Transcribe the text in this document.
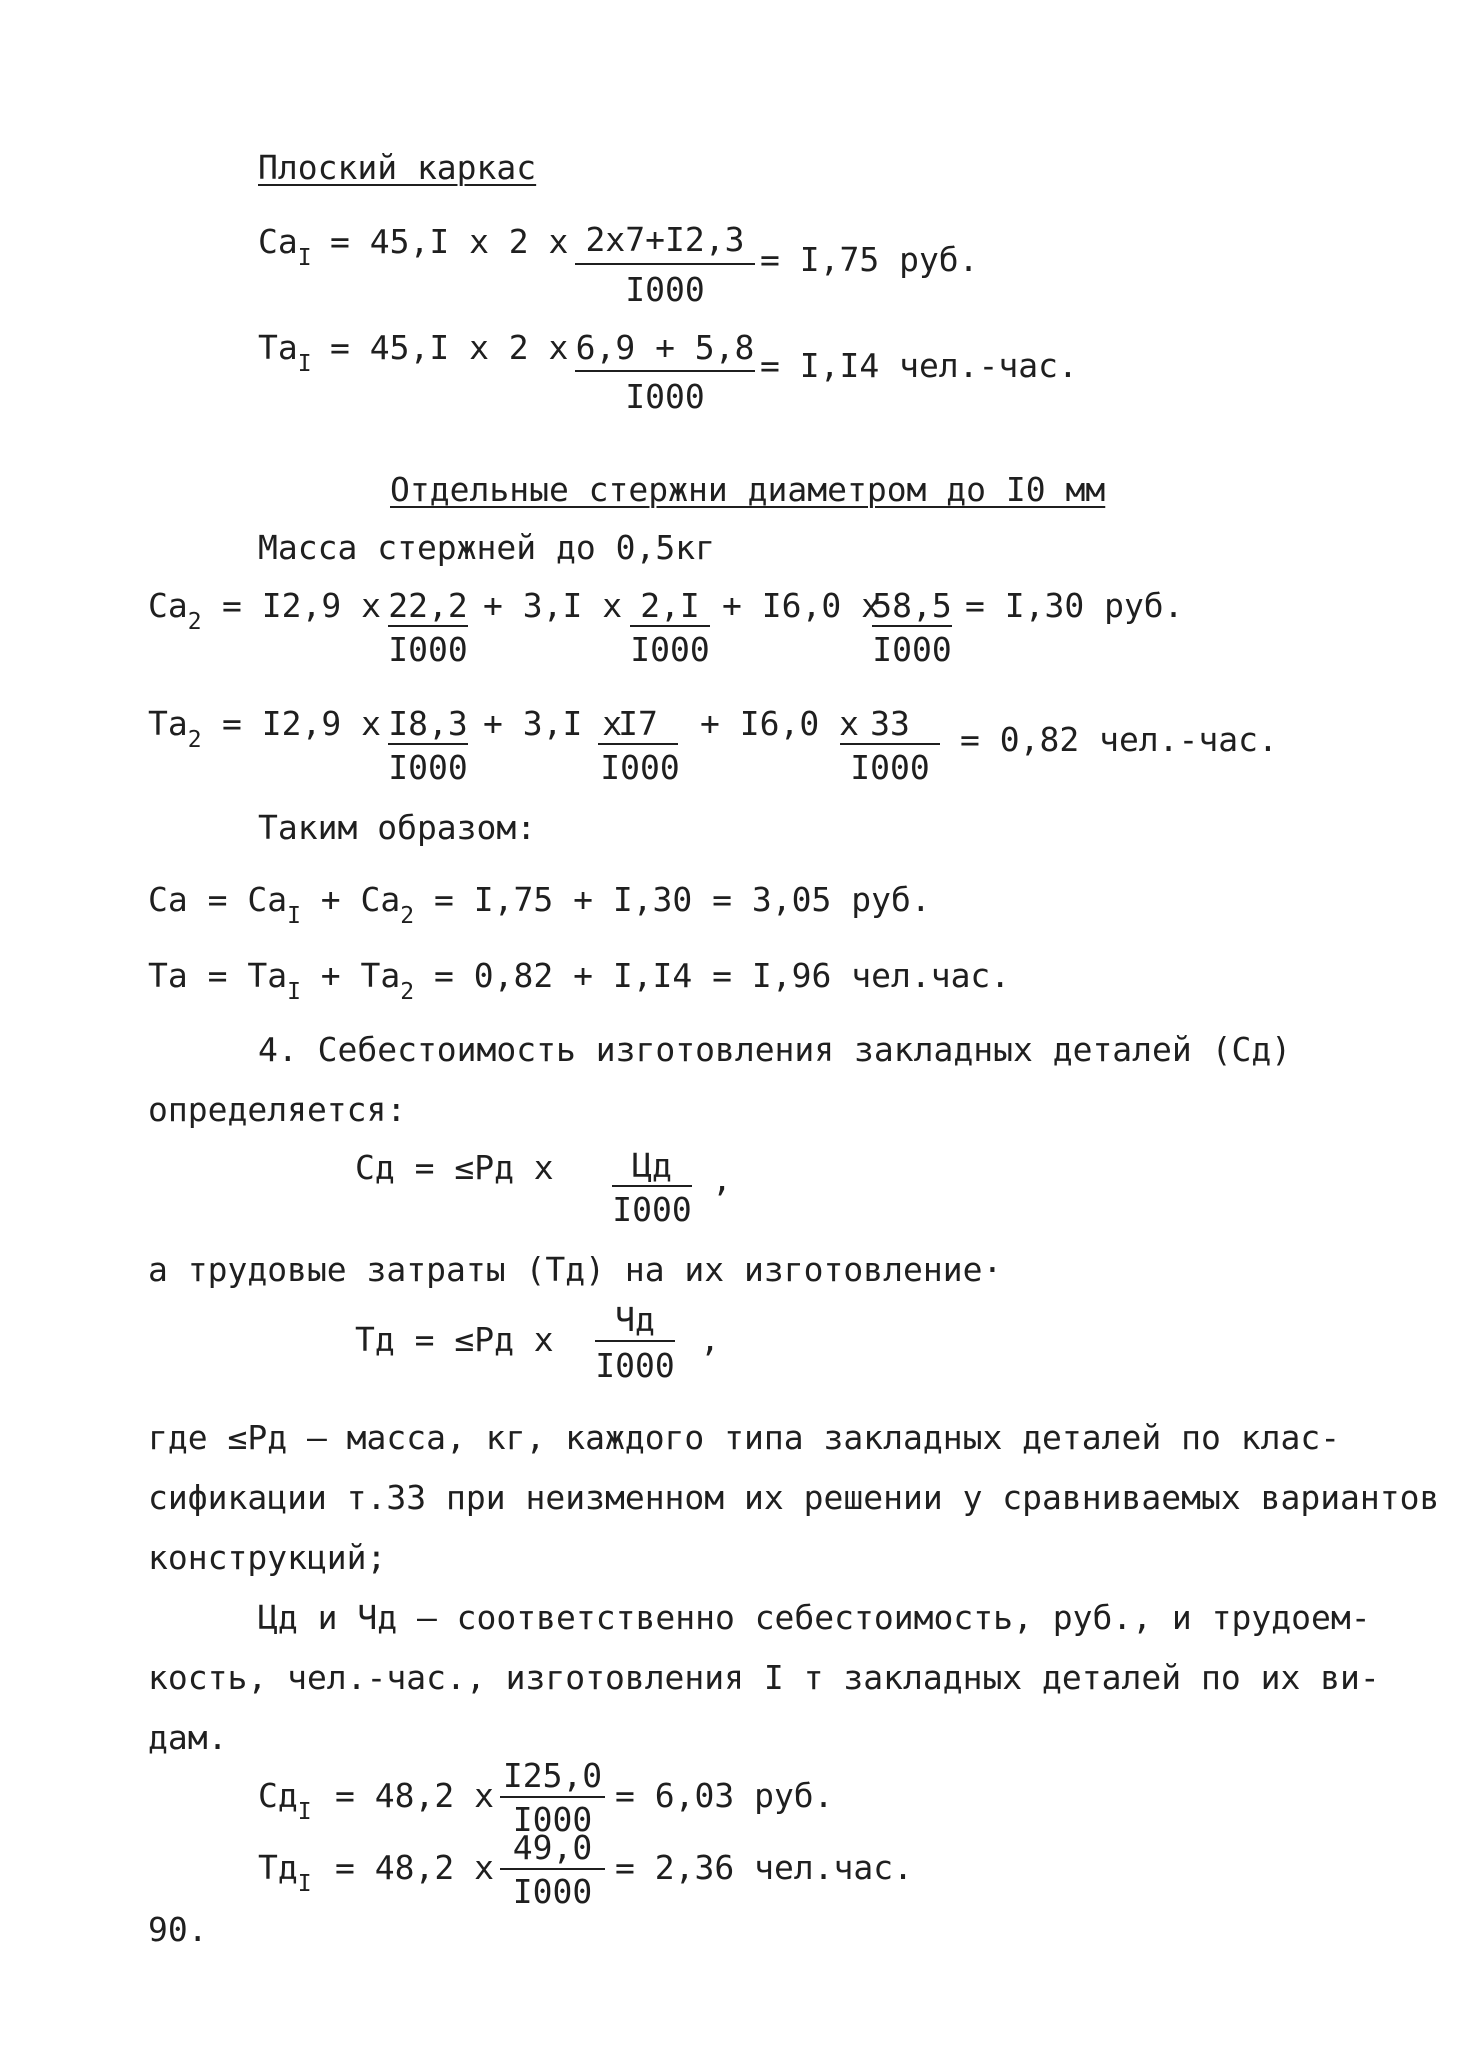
Плоский каркас
$Са_I = 45,I$ x 2 x 2x7+I2,3
I000
= I,75 руб.
$Та_I = 45,I$ x 2 x 6,9 + 5,8
I000
= I,I4 чел.-час.
Отдельные стержни диаметром до I0 мм
Масса стержней до 0,5кг
$Са_2 = I2,9$ x 22,2
I000
+ 3,I x 2,I
I000
+ I6,0 x
58,5
I000
= I,30 руб.
$Та_2 = I2,9$ x I8,3
I000
+ 3,I x
I7
I000
+ I6,0 x 33
I000
= 0,82 чел.-час.
Таким образом:
Са = $Са_I + Са_2 = I,75 + I,30 = 3,05$ руб.
Та = $Та_I + Та_2 = 0,82 + I,I4 = I,96$ чел.час.
4. Себестоимость изготовления закладных деталей (Сд)
определяется:
Сд = ≤Рд x	Цд
I000
,
а трудовые затраты (Тд) на их изготовление·
Тд = ≤Рд x
Чд
I000
,
где ≤Рд – масса, кг, каждого типа закладных деталей по клас-
сификации т.33 при неизменном их решении у сравниваемых вариантов
конструкций;
Цд и Чд – соответственно себестоимость, руб., и трудоем-
кость, чел.-час., изготовления I т закладных деталей по их ви-
дам.
$Сд_I = 48,2$ x
I25,0
I000
= 6,03 руб.
$Тд_I = 48,2$ x
49,0
I000
= 2,36 чел.час.
90.
